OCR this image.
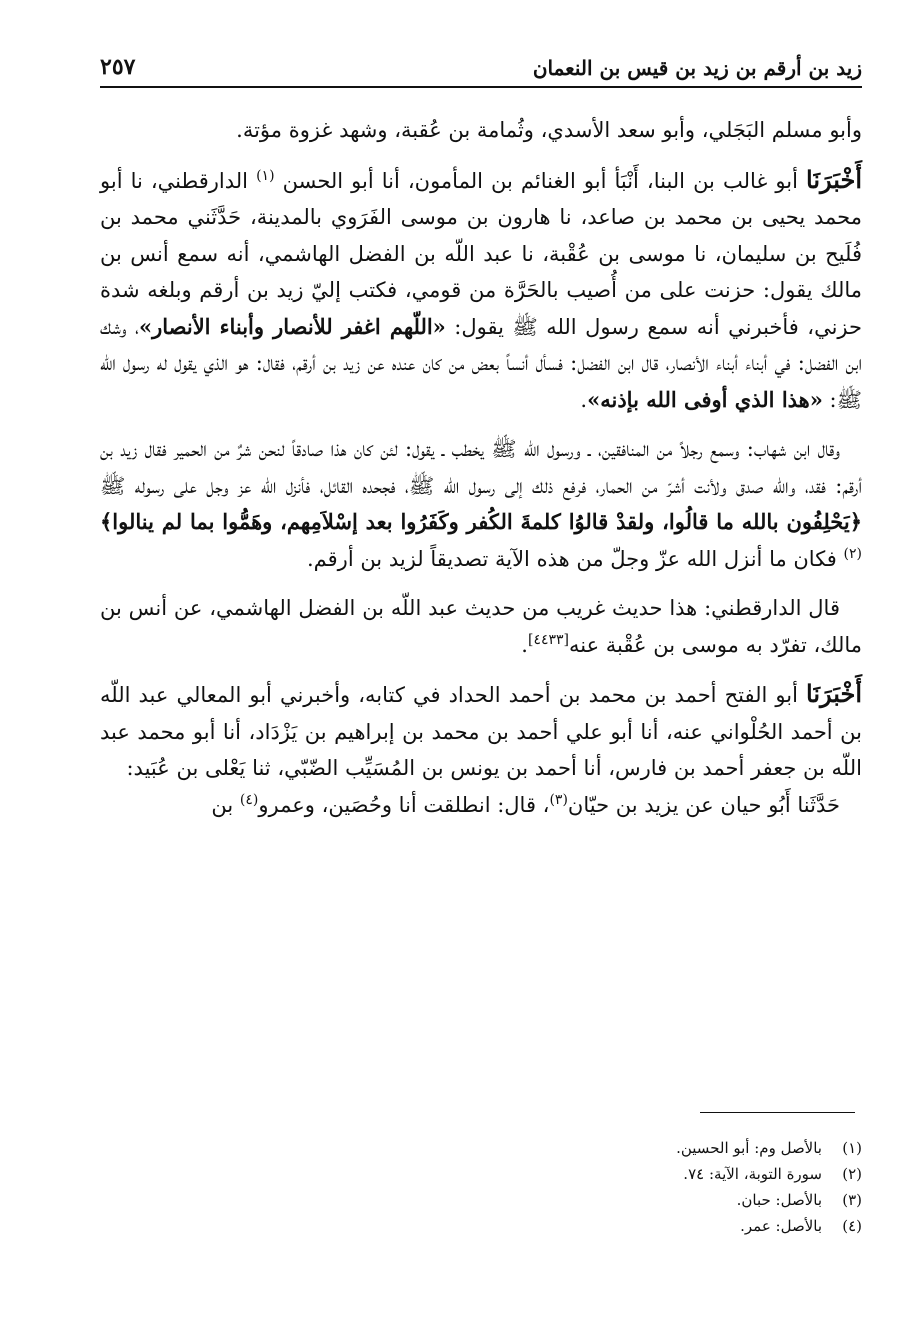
زيد بن أرقم بن زيد بن قيس بن النعمان
٢٥٧

وأبو مسلم البَجَلي، وأبو سعد الأسدي، وثُمامة بن عُقبة، وشهد غزوة مؤتة.

أَخْبَرَنَا أبو غالب بن البنا، أَنْبَأ أبو الغنائم بن المأمون، أنا أبو الحسن $^{(١)}$ الدارقطني، نا أبو محمد يحيى بن محمد بن صاعد، نا هارون بن موسى الفَرَوي بالمدينة، حَدَّثَني محمد بن فُلَيح بن سليمان، نا موسى بن عُقْبة، نا عبد اللّه بن الفضل الهاشمي، أنه سمع أنس بن مالك يقول: حزنت على من أُصيب بالحَرَّة من قومي، فكتب إليّ زيد بن أرقم وبلغه شدة حزني، فأخبرني أنه سمع رسول الله ﷺ يقول: «اللّهم اغفر للأنصار وأبناء الأنصار»، وشك ابن الفضل: في أبناء أبناء الأنصار، قال ابن الفضل: فسأل أنساً بعض من كان عنده عن زيد بن أرقم، فقال: هو الذي يقول له رسول الله ﷺ: «هذا الذي أوفى الله بإذنه».

وقال ابن شهاب: وسمع رجلاً من المنافقين، ـ ورسول الله ﷺ يخطب ـ يقول: لئن كان هذا صادقاً لنحن شرٌ من الحمير فقال زيد بن أرقم: فقد، والله صدق ولأنت أشرّ من الحمار، فرفع ذلك إلى رسول الله ﷺ، فجحده القائل، فأنزل الله عز وجل على رسوله ﷺ ﴿يَحْلِفُون بالله ما قالُوا، ولقدْ قالوُا كلمةَ الكُفر وكَفَرُوا بعد إسْلاَمِهم، وهَمُّوا بما لم ينالوا﴾ $^{(٢)}$ فكان ما أنزل الله عزّ وجلّ من هذه الآية تصديقاً لزيد بن أرقم.

قال الدارقطني: هذا حديث غريب من حديث عبد اللّه بن الفضل الهاشمي، عن أنس بن مالك، تفرّد به موسى بن عُقْبة عنه[٤٤٣٣].

أَخْبَرَنَا أبو الفتح أحمد بن محمد بن أحمد الحداد في كتابه، وأخبرني أبو المعالي عبد اللّه بن أحمد الحُلْواني عنه، أنا أبو علي أحمد بن محمد بن إبراهيم بن يَزْدَاد، أنا أبو محمد عبد اللّه بن جعفر أحمد بن فارس، أنا أحمد بن يونس بن المُسَيِّب الضّبّي، ثنا يَعْلى بن عُبَيد:

حَدَّثَنا أَبُو حيان عن يزيد بن حيّان$^{(٣)}$، قال: انطلقت أنا وحُصَين، وعمرو$^{(٤)}$ بن

(١)بالأصل وم: أبو الحسين.

(٢)سورة التوبة، الآية: ٧٤.

(٣)بالأصل: حبان.

(٤)بالأصل: عمر.
